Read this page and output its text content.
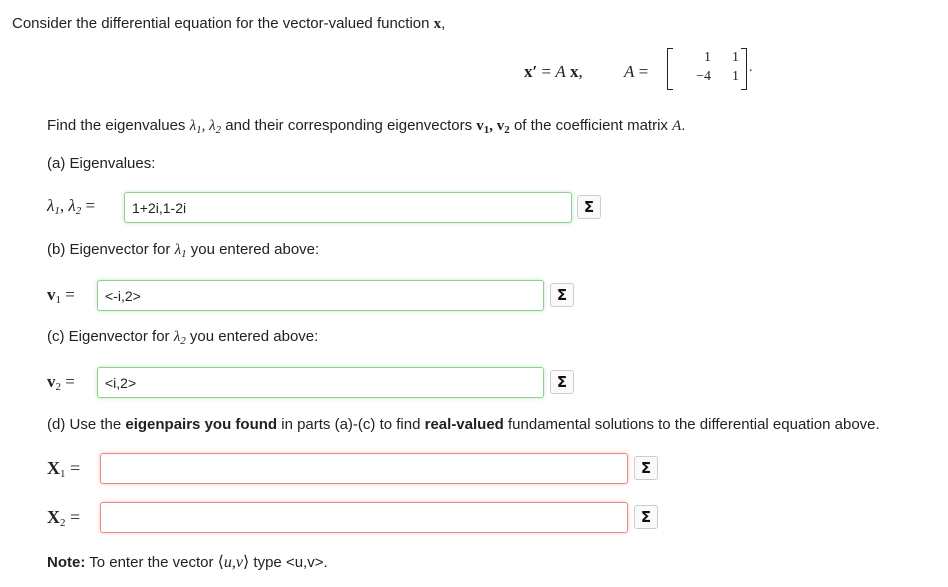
Consider the differential equation for the vector-valued function x,
x′ = A x, A =
1	1
−4	1
.
Find the eigenvalues $\lambda_1$, $\lambda_2$ and their corresponding eigenvectors $v_1$, $v_2$ of the coefficient matrix A.
(a) Eigenvalues:
$\lambda_1$, $\lambda_2$ =
1+2i,1-2i	Σ
(b) Eigenvector for $\lambda_1$ you entered above:
$v_1$ =
<-i,2>	Σ
(c) Eigenvector for $\lambda_2$ you entered above:
$v_2$ =
<i,2>	Σ
(d) Use the eigenpairs you found in parts (a)-(c) to find real-valued fundamental solutions to the differential equation above.
$X_1$ =	Σ
$X_2$ =	Σ
Note: To enter the vector ⟨u,v⟩ type <u,v>.
